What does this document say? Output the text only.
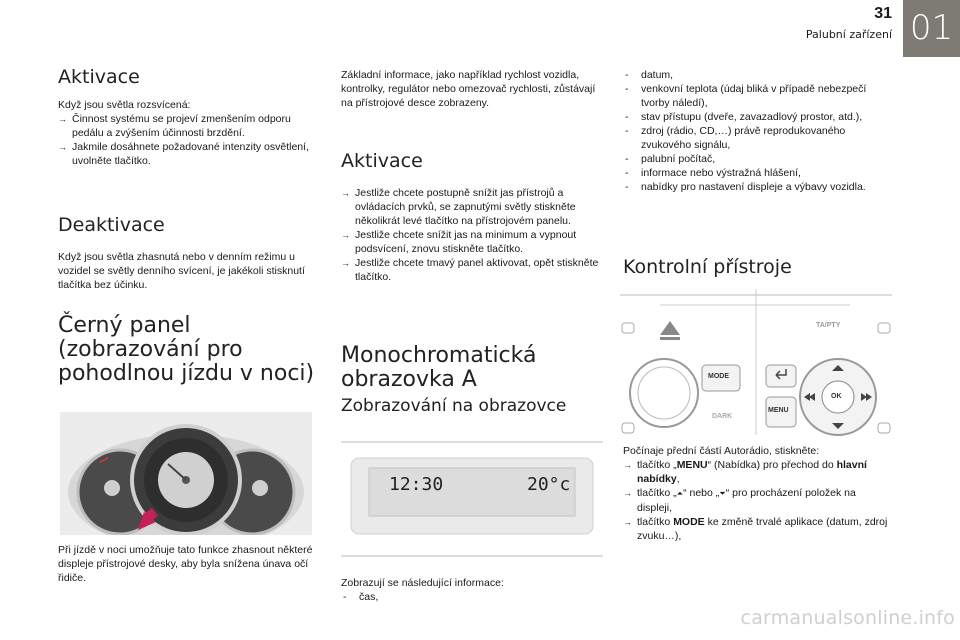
31
Palubní zařízení 01
Aktivace

Když jsou světla rozsvícená:

→ Činnost systému se projeví zmenšením odporu pedálu a zvýšením účinnosti brzdění.
→ Jakmile dosáhnete požadované intenzity osvětlení, uvolněte tlačítko.
Deaktivace

Když jsou světla zhasnutá nebo v denním režimu u vozidel se světly denního svícení, je jakékoli stisknutí tlačítka bez účinku.

Černý panel (zobrazování pro pohodlnou jízdu v noci)

Při jízdě v noci umožňuje tato funkce zhasnout některé displeje přístrojové desky, aby byla snížena únava očí řidiče.

Základní informace, jako například rychlost vozidla, kontrolky, regulátor nebo omezovač rychlosti, zůstávají na přístrojové desce zobrazeny.

Aktivace
→ Jestliže chcete postupně snížit jas přístrojů a ovládacích prvků, se zapnutými světly stiskněte několikrát levé tlačítko na přístrojovém panelu.
→ Jestliže chcete snížit jas na minimum a vypnout podsvícení, znovu stiskněte tlačítko.
→ Jestliže chcete tmavý panel aktivovat, opět stiskněte tlačítko.
Monochromatická obrazovka A
Zobrazování na obrazovce
12:30	20°c

Zobrazují se následující informace:

- čas,
- datum,
- venkovní teplota (údaj bliká v případě nebezpečí tvorby náledí),
- stav přístupu (dveře, zavazadlový prostor, atd.),
- zdroj (rádio, CD,…) právě reprodukovaného zvukového signálu,
- palubní počítač,
- informace nebo výstražná hlášení,
- nabídky pro nastavení displeje a výbavy vozidla.
Kontrolní přístroje
TA/PTY
MODE
DARK
MENU
OK

Počínaje přední částí Autorádio, stiskněte:

→ tlačítko „MENU“ (Nabídka) pro přechod do hlavní nabídky,
→ tlačítko „⏶“ nebo „⏷“ pro procházení položek na displeji,
→ tlačítko MODE ke změně trvalé aplikace (datum, zdroj zvuku…),
carmanualsonline.info
